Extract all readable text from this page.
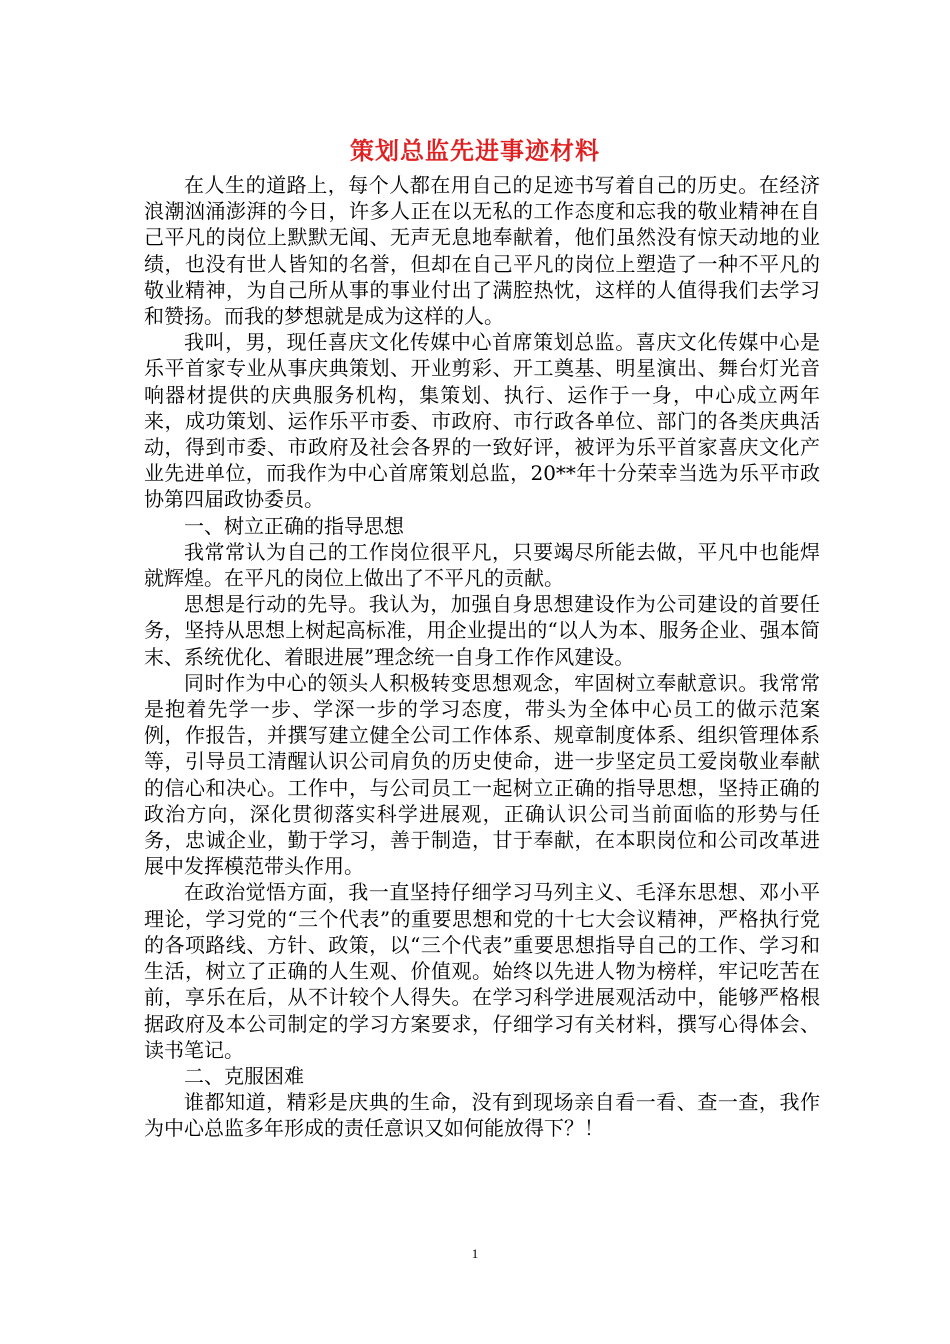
策划总监先进事迹材料

在人生的道路上，每个人都在用自己的足迹书写着自己的历史。在经济浪潮汹涌澎湃的今日，许多人正在以无私的工作态度和忘我的敬业精神在自己平凡的岗位上默默无闻、无声无息地奉献着，他们虽然没有惊天动地的业绩，也没有世人皆知的名誉，但却在自己平凡的岗位上塑造了一种不平凡的敬业精神，为自己所从事的事业付出了满腔热忱，这样的人值得我们去学习和赞扬。而我的梦想就是成为这样的人。

我叫，男，现任喜庆文化传媒中心首席策划总监。喜庆文化传媒中心是乐平首家专业从事庆典策划、开业剪彩、开工奠基、明星演出、舞台灯光音响器材提供的庆典服务机构，集策划、执行、运作于一身，中心成立两年来，成功策划、运作乐平市委、市政府、市行政各单位、部门的各类庆典活动，得到市委、市政府及社会各界的一致好评，被评为乐平首家喜庆文化产业先进单位，而我作为中心首席策划总监，20**年十分荣幸当选为乐平市政协第四届政协委员。

一、树立正确的指导思想

我常常认为自己的工作岗位很平凡，只要竭尽所能去做，平凡中也能焊就辉煌。在平凡的岗位上做出了不平凡的贡献。

思想是行动的先导。我认为，加强自身思想建设作为公司建设的首要任务，坚持从思想上树起高标准，用企业提出的“以人为本、服务企业、强本简末、系统优化、着眼进展”理念统一自身工作作风建设。

同时作为中心的领头人积极转变思想观念，牢固树立奉献意识。我常常是抱着先学一步、学深一步的学习态度，带头为全体中心员工的做示范案例，作报告，并撰写建立健全公司工作体系、规章制度体系、组织管理体系等，引导员工清醒认识公司肩负的历史使命，进一步坚定员工爱岗敬业奉献的信心和决心。工作中，与公司员工一起树立正确的指导思想，坚持正确的政治方向，深化贯彻落实科学进展观，正确认识公司当前面临的形势与任务，忠诚企业，勤于学习，善于制造，甘于奉献，在本职岗位和公司改革进展中发挥模范带头作用。

在政治觉悟方面，我一直坚持仔细学习马列主义、毛泽东思想、邓小平理论，学习党的“三个代表”的重要思想和党的十七大会议精神，严格执行党的各项路线、方针、政策，以“三个代表”重要思想指导自己的工作、学习和生活，树立了正确的人生观、价值观。始终以先进人物为榜样，牢记吃苦在前，享乐在后，从不计较个人得失。在学习科学进展观活动中，能够严格根据政府及本公司制定的学习方案要求，仔细学习有关材料，撰写心得体会、读书笔记。

二、克服困难

谁都知道，精彩是庆典的生命，没有到现场亲自看一看、查一查，我作为中心总监多年形成的责任意识又如何能放得下？！

1
